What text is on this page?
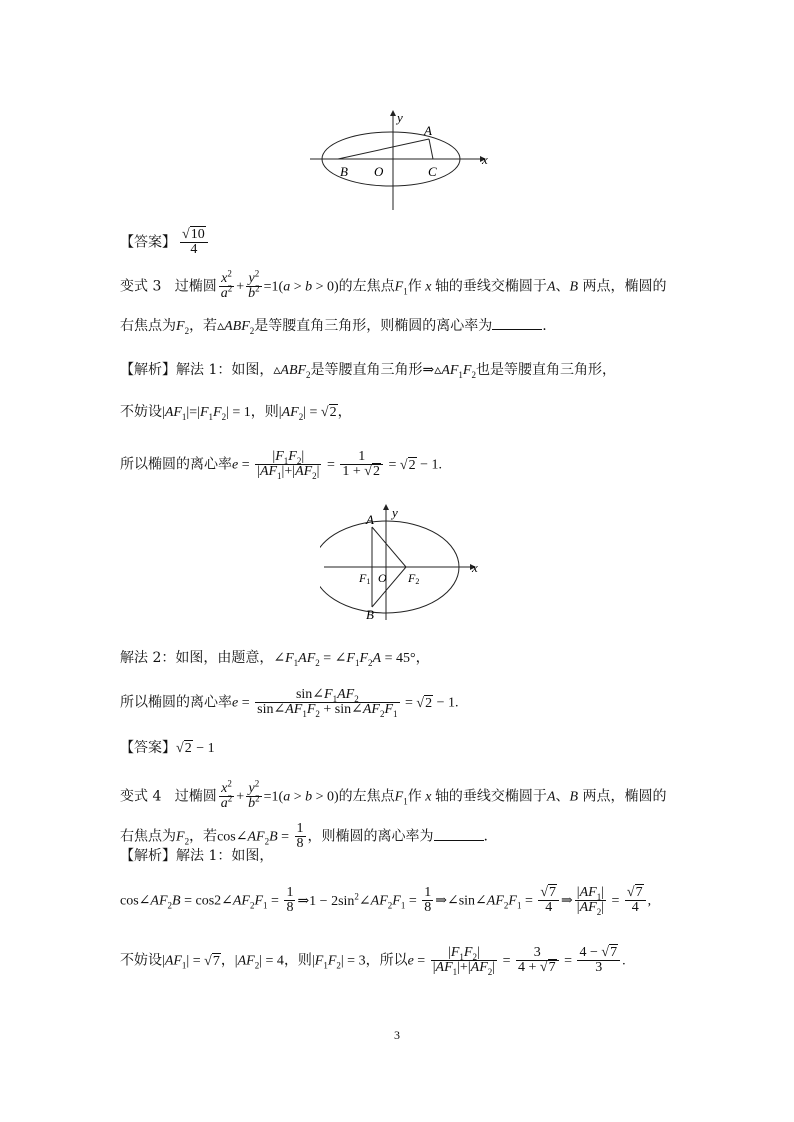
y
x
A
B O	C
【答案】 $\frac{√10}{4}$
变式 3 过椭圆 $\frac{x^2}{a^2} + \frac{y^2}{b^2} =1(a > b > 0)$的左焦点$F_1$作 x 轴的垂线交椭圆于A、B 两点，椭圆的
右焦点为$F_2$，若$▵ABF_2$是等腰直角三角形，则椭圆的离心率为	.
【解析】解法 1：如图，$▵ABF_2$是等腰直角三角形$\Rightarrow▵AF_1F_2$也是等腰直角三角形，
不妨设$|AF_1|=|F_1F_2| = 1$，则$|AF_2| = √2$，
所以椭圆的离心率$e = \frac{|F_1F_2|}{|AF_1|+|AF_2|} = \frac{1}{1 + √2} = √2 - 1$.
y
x
A
B
O
F1	F2
解法 2：如图，由题意，$\angle F_1AF_2$ = $\angle F_1F_2A = 45^\circ$，
所以椭圆的离心率$e = \frac{\sin\angle F_1AF_2}{\sin\angle AF_1F_2 + \sin\angle AF_2F_1} = √2 - 1$.
【答案】√2 − 1
变式 4 过椭圆 $\frac{x^2}{a^2} + \frac{y^2}{b^2} =1(a > b > 0)$的左焦点$F_1$作 x 轴的垂线交椭圆于A、B 两点，椭圆的
右焦点为$F_2$，若$\cos\angle AF_2B = \frac{1}{8}$ ，则椭圆的离心率为	.
【解析】解法 1：如图，
$\cos\angle AF_2B$ = $\cos 2\angle AF_2F_1 = \frac{1}{8}$ ⇒1 − $2\sin^2\angle AF_2F_1 = \frac{1}{8}$ $\Rightarrow\angle\sin\angle AF_2F_1 = \frac{√7}{4}$ ⇒ $\frac{|AF_1|}{|AF_2|} = \frac{√7}{4}$ ,
不妨设$|AF_1| = √7$，$|AF_2| = 4$，则$|F_1F_2| = 3$，所以$e = \frac{|F_1F_2|}{|AF_1|+|AF_2|} = \frac{3}{4 + √7} = \frac{4 - √7}{3}$ .
3
